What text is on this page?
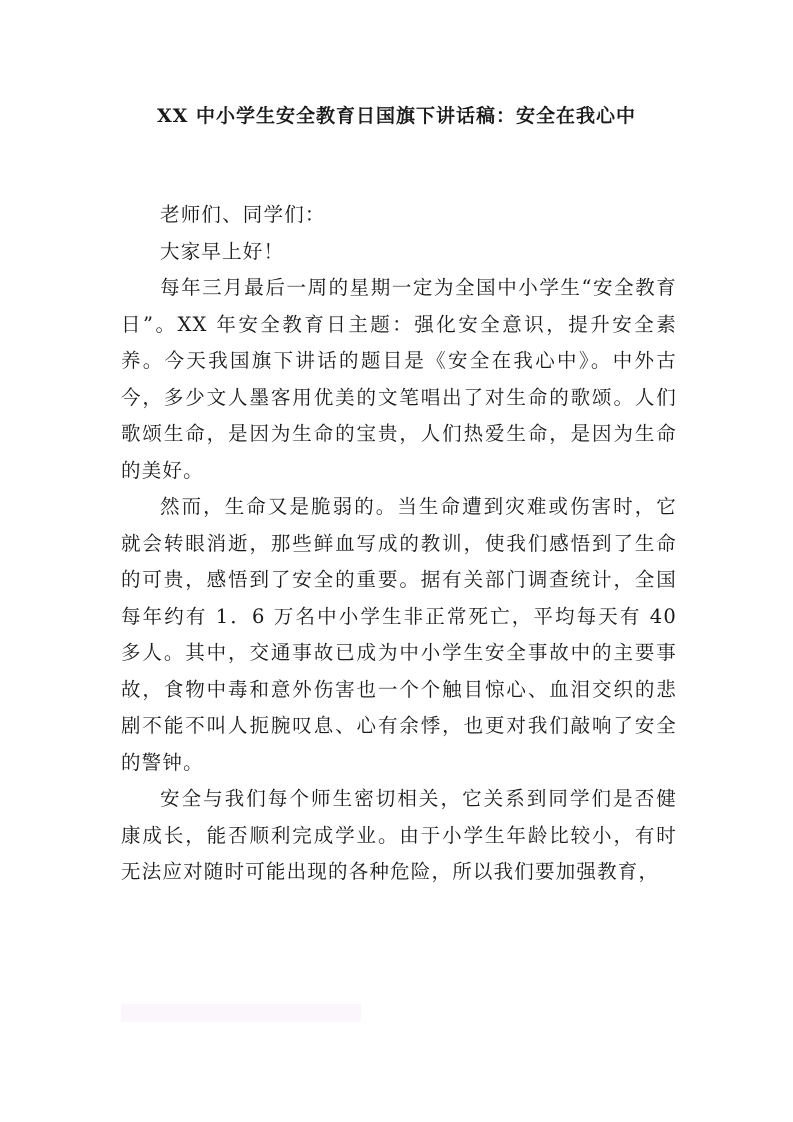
XX 中小学生安全教育日国旗下讲话稿：安全在我心中

老师们、同学们：

大家早上好！

每年三月最后一周的星期一定为全国中小学生“安全教育日”。XX 年安全教育日主题：强化安全意识，提升安全素养。今天我国旗下讲话的题目是《安全在我心中》。中外古今，多少文人墨客用优美的文笔唱出了对生命的歌颂。人们歌颂生命，是因为生命的宝贵，人们热爱生命，是因为生命的美好。

然而，生命又是脆弱的。当生命遭到灾难或伤害时，它就会转眼消逝，那些鲜血写成的教训，使我们感悟到了生命的可贵，感悟到了安全的重要。据有关部门调查统计，全国每年约有 1．6 万名中小学生非正常死亡，平均每天有 40 多人。其中，交通事故已成为中小学生安全事故中的主要事故，食物中毒和意外伤害也一个个触目惊心、血泪交织的悲剧不能不叫人扼腕叹息、心有余悸，也更对我们敲响了安全的警钟。

安全与我们每个师生密切相关，它关系到同学们是否健康成长，能否顺利完成学业。由于小学生年龄比较小，有时无法应对随时可能出现的各种危险，所以我们要加强教育，
